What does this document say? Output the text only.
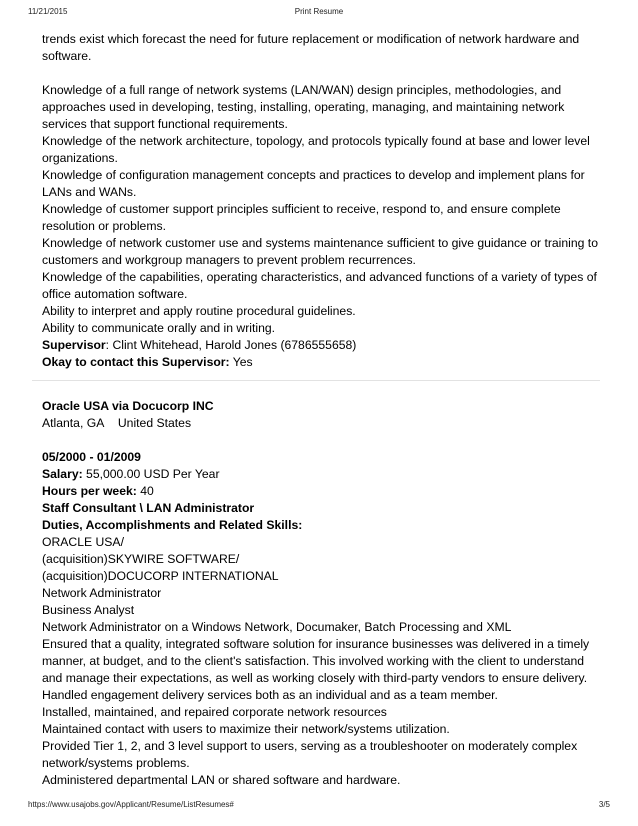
11/21/2015	Print Resume

trends exist which forecast the need for future replacement or modification of network hardware and

software.

Knowledge of a full range of network systems (LAN/WAN) design principles, methodologies, and

approaches used in developing, testing, installing, operating, managing, and maintaining network

services that support functional requirements.

Knowledge of the network architecture, topology, and protocols typically found at base and lower level

organizations.

Knowledge of configuration management concepts and practices to develop and implement plans for

LANs and WANs.

Knowledge of customer support principles sufficient to receive, respond to, and ensure complete

resolution or problems.

Knowledge of network customer use and systems maintenance sufficient to give guidance or training to

customers and workgroup managers to prevent problem recurrences.

Knowledge of the capabilities, operating characteristics, and advanced functions of a variety of types of

office automation software.

Ability to interpret and apply routine procedural guidelines.

Ability to communicate orally and in writing.

Supervisor: Clint Whitehead, Harold Jones (6786555658)

Okay to contact this Supervisor: Yes

Oracle USA via Docucorp INC

Atlanta, GA United States

05/2000 - 01/2009

Salary: 55,000.00 USD Per Year

Hours per week: 40

Staff Consultant \ LAN Administrator

Duties, Accomplishments and Related Skills:

ORACLE USA/

(acquisition)SKYWIRE SOFTWARE/

(acquisition)DOCUCORP INTERNATIONAL

Network Administrator

Business Analyst

Network Administrator on a Windows Network, Documaker, Batch Processing and XML

Ensured that a quality, integrated software solution for insurance businesses was delivered in a timely

manner, at budget, and to the client's satisfaction. This involved working with the client to understand

and manage their expectations, as well as working closely with third-party vendors to ensure delivery.

Handled engagement delivery services both as an individual and as a team member.

Installed, maintained, and repaired corporate network resources

Maintained contact with users to maximize their network/systems utilization.

Provided Tier 1, 2, and 3 level support to users, serving as a troubleshooter on moderately complex

network/systems problems.

Administered departmental LAN or shared software and hardware.

https://www.usajobs.gov/Applicant/Resume/ListResumes#	3/5
